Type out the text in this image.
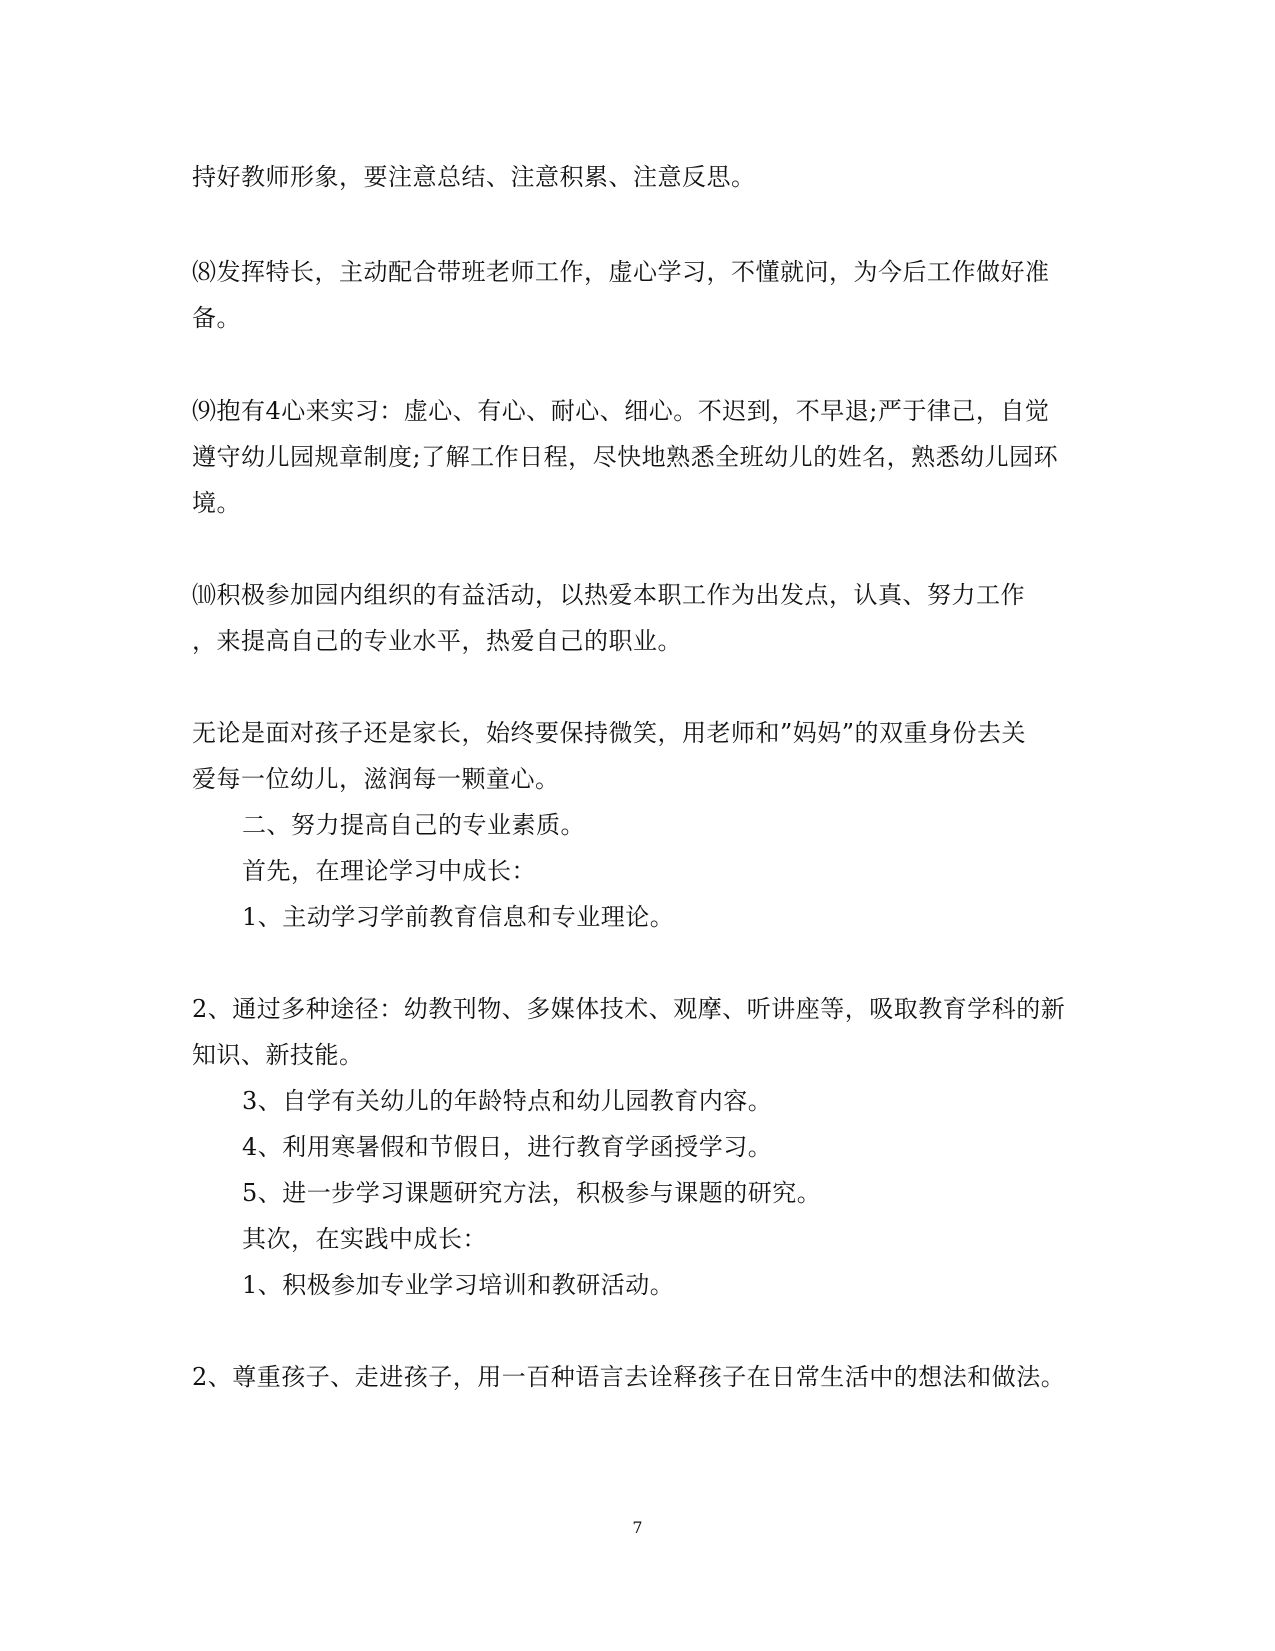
持好教师形象，要注意总结、注意积累、注意反思。
⑻发挥特长，主动配合带班老师工作，虚心学习，不懂就问，为今后工作做好准
备。
⑼抱有4心来实习：虚心、有心、耐心、细心。不迟到，不早退;严于律己，自觉
遵守幼儿园规章制度;了解工作日程，尽快地熟悉全班幼儿的姓名，熟悉幼儿园环
境。
⑽积极参加园内组织的有益活动，以热爱本职工作为出发点，认真、努力工作
，来提高自己的专业水平，热爱自己的职业。
无论是面对孩子还是家长，始终要保持微笑，用老师和”妈妈”的双重身份去关
爱每一位幼儿，滋润每一颗童心。
二、努力提高自己的专业素质。
首先，在理论学习中成长：
1、主动学习学前教育信息和专业理论。
2、通过多种途径：幼教刊物、多媒体技术、观摩、听讲座等，吸取教育学科的新
知识、新技能。
3、自学有关幼儿的年龄特点和幼儿园教育内容。
4、利用寒暑假和节假日，进行教育学函授学习。
5、进一步学习课题研究方法，积极参与课题的研究。
其次，在实践中成长：
1、积极参加专业学习培训和教研活动。
2、尊重孩子、走进孩子，用一百种语言去诠释孩子在日常生活中的想法和做法。
7
